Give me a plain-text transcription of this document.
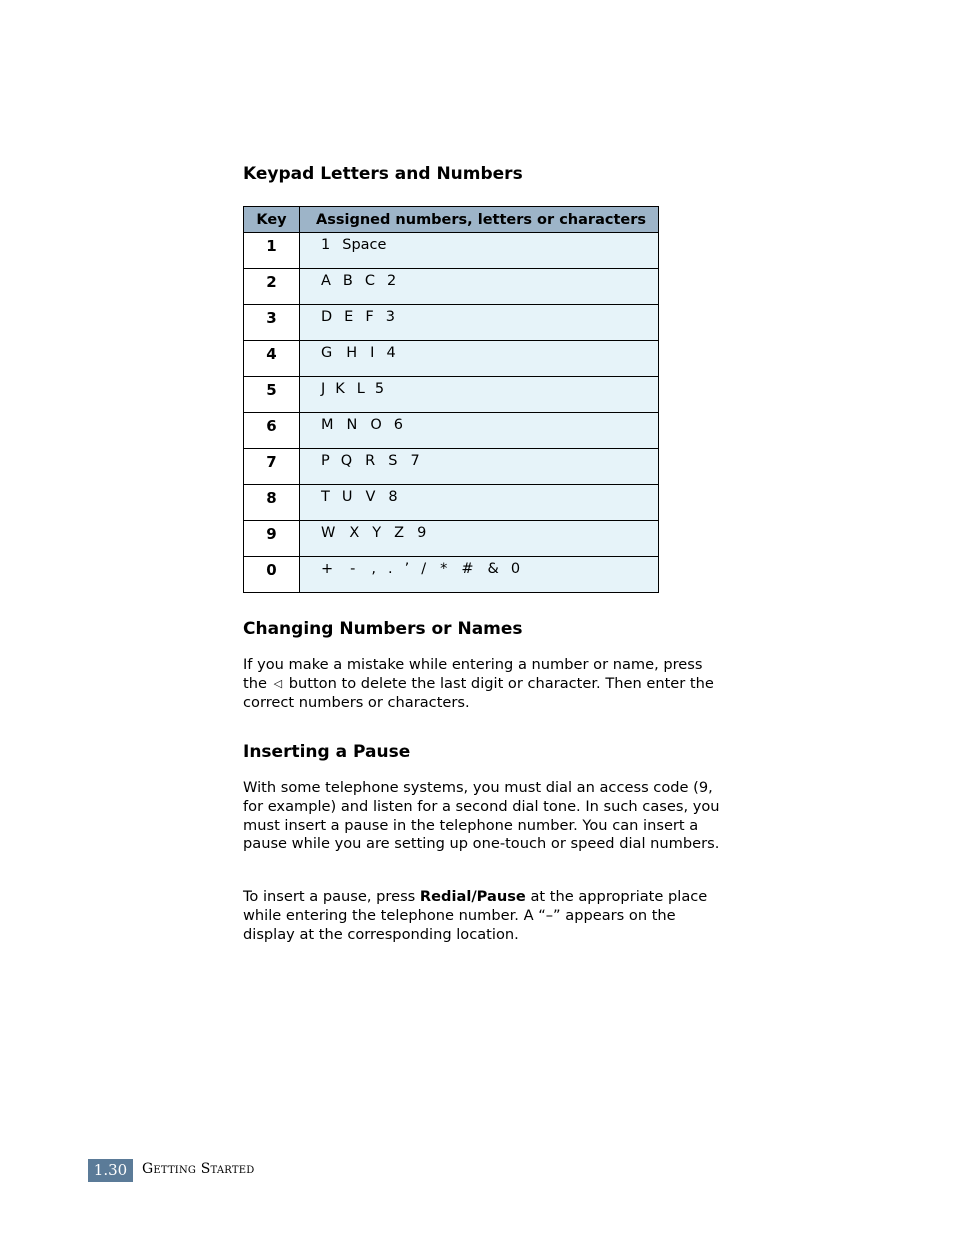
Keypad Letters and Numbers
Key	Assigned numbers, letters or characters
1	1 Space
2	A B C 2
3	D E F 3
4	G H I 4
5	J K L 5
6	M N O 6
7	P Q R S 7
8	T U V 8
9	W X Y Z 9
0	+ - , . ’ / * # & 0
Changing Numbers or Names

If you make a mistake while entering a number or name, press the ◁ button to delete the last digit or character. Then enter the correct numbers or characters.

Inserting a Pause

With some telephone systems, you must dial an access code (9, for example) and listen for a second dial tone. In such cases, you must insert a pause in the telephone number. You can insert a pause while you are setting up one-touch or speed dial numbers.

To insert a pause, press Redial/Pause at the appropriate place while entering the telephone number. A “–” appears on the display at the corresponding location.

1.30	Getting Started
